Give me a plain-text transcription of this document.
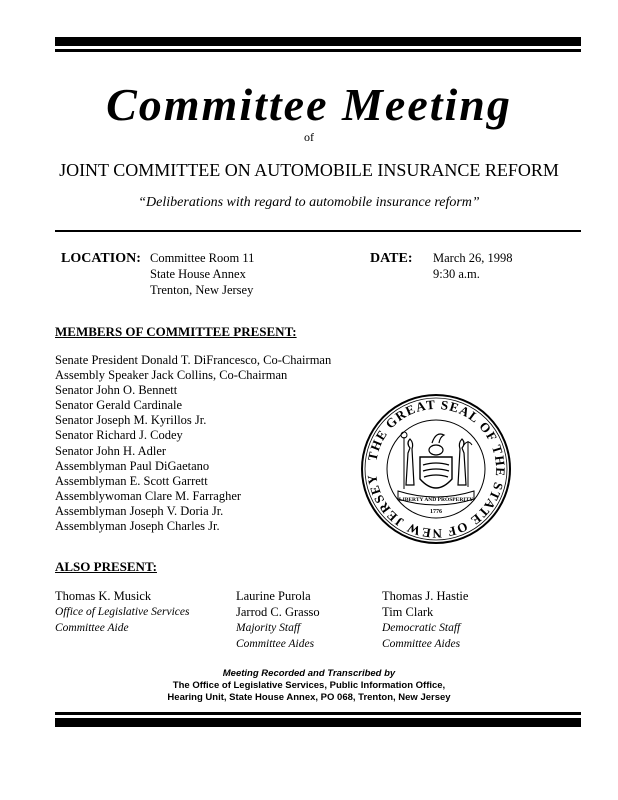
Committee Meeting
of
JOINT COMMITTEE ON AUTOMOBILE INSURANCE REFORM
“Deliberations with regard to automobile insurance reform”
LOCATION: Committee Room 11
State House Annex
Trenton, New Jersey
DATE: March 26, 1998
9:30 a.m.
MEMBERS OF COMMITTEE PRESENT:
Senate President Donald T. DiFrancesco, Co-Chairman
Assembly Speaker Jack Collins, Co-Chairman
Senator John O. Bennett
Senator Gerald Cardinale
Senator Joseph M. Kyrillos Jr.
Senator Richard J. Codey
Senator John H. Adler
Assemblyman Paul DiGaetano
Assemblyman E. Scott Garrett
Assemblywoman Clare M. Farragher
Assemblyman Joseph V. Doria Jr.
Assemblyman Joseph Charles Jr.
THE GREAT SEAL OF THE STATE OF NEW JERSEY
LIBERTY AND PROSPERITY
1776
ALSO PRESENT:
Thomas K. Musick
Office of Legislative Services
Committee Aide
Laurine Purola
Jarrod C. Grasso
Majority Staff
Committee Aides
Thomas J. Hastie
Tim Clark
Democratic Staff
Committee Aides
Meeting Recorded and Transcribed by
The Office of Legislative Services, Public Information Office,
Hearing Unit, State House Annex, PO 068, Trenton, New Jersey
